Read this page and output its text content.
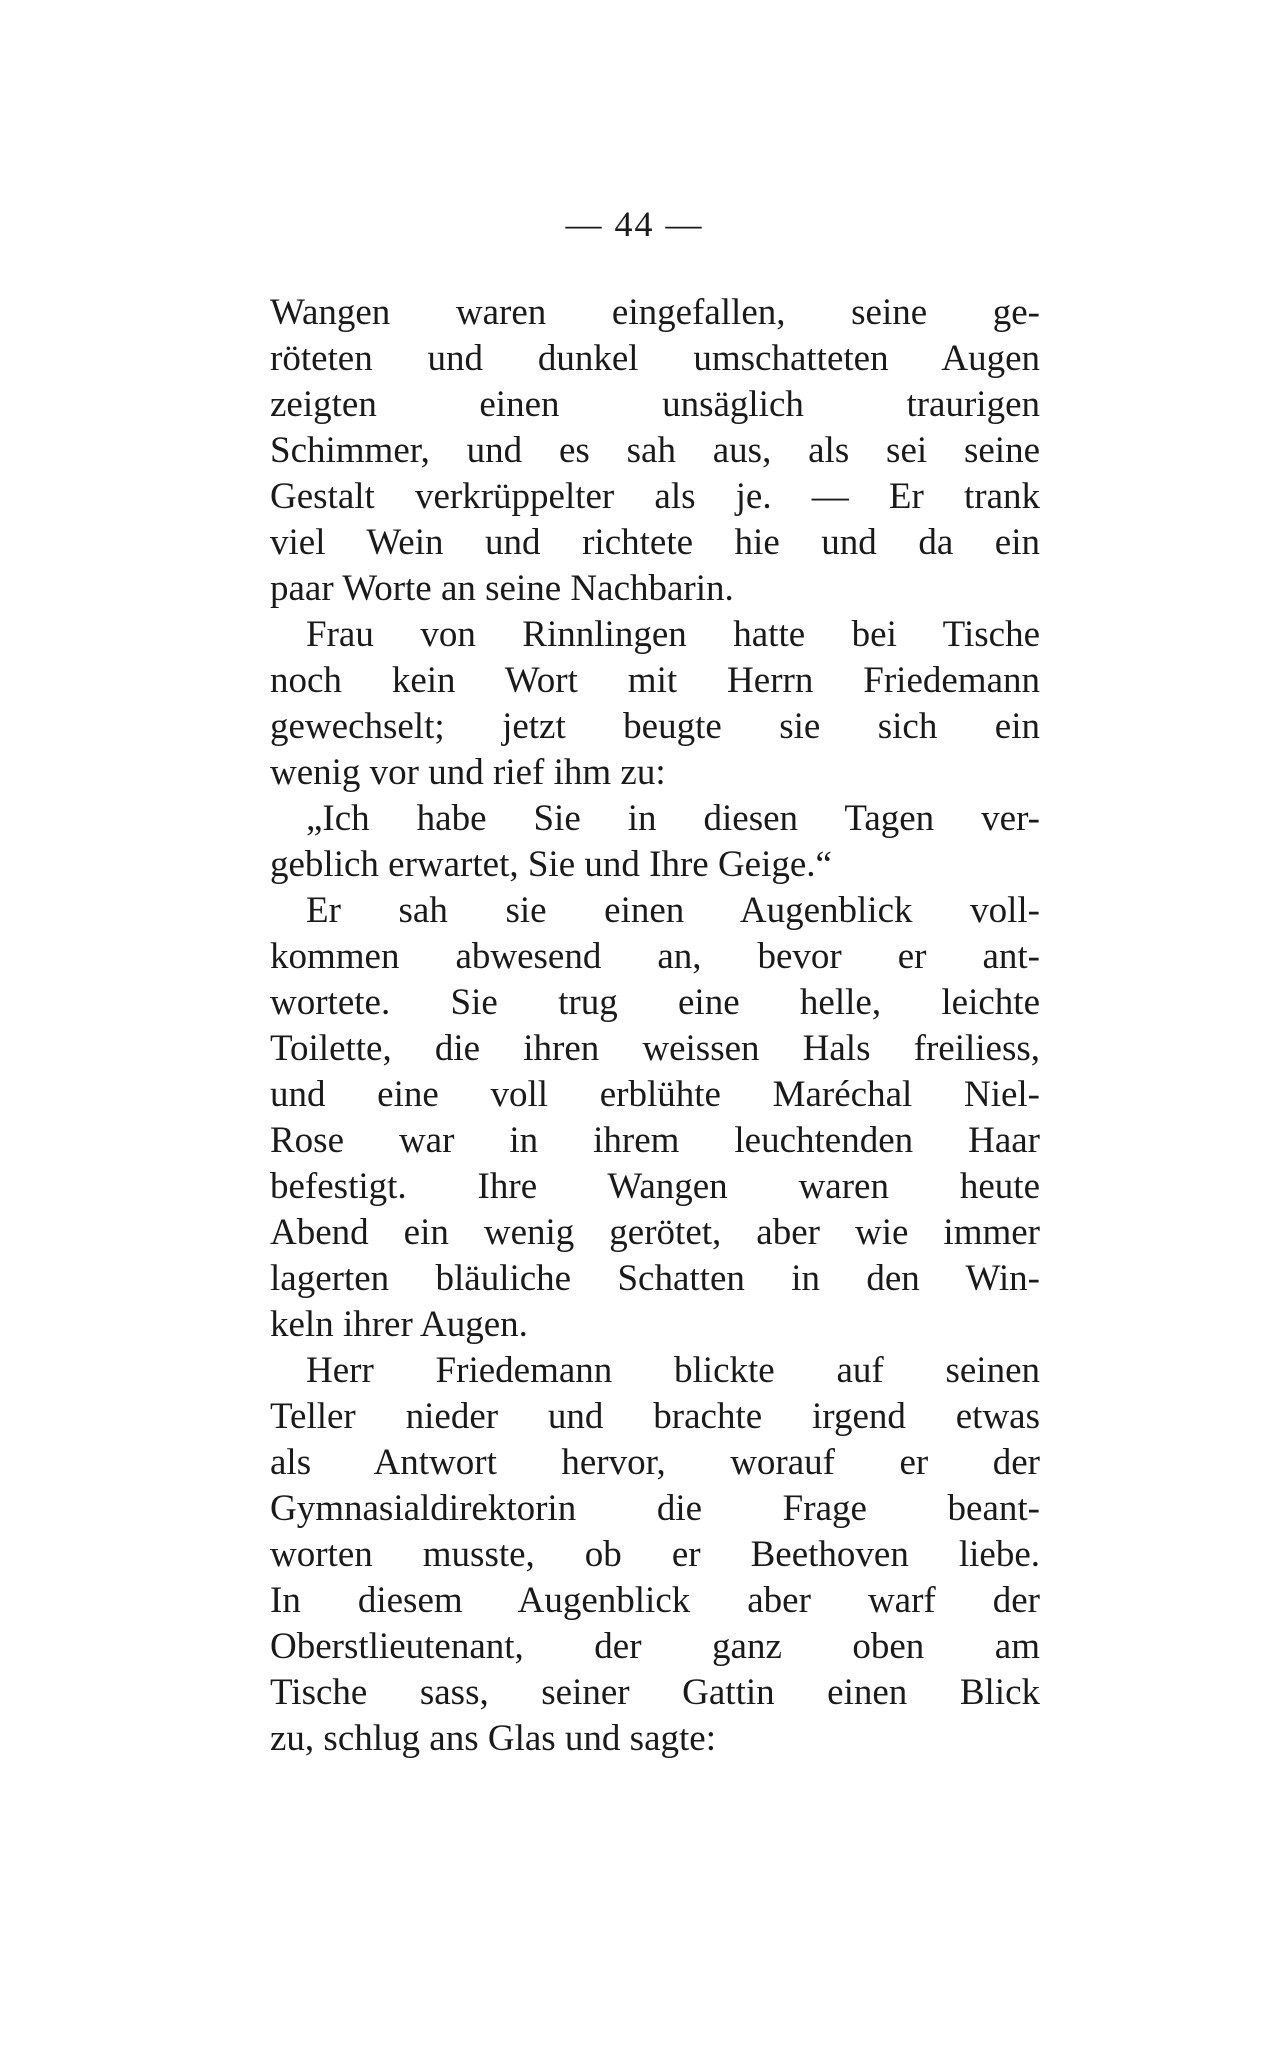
— 44 —
Wangen waren eingefallen, seine ge-
röteten und dunkel umschatteten Augen
zeigten einen unsäglich traurigen
Schimmer, und es sah aus, als sei seine
Gestalt verkrüppelter als je. — Er trank
viel Wein und richtete hie und da ein
paar Worte an seine Nachbarin.
Frau von Rinnlingen hatte bei Tische
noch kein Wort mit Herrn Friedemann
gewechselt; jetzt beugte sie sich ein
wenig vor und rief ihm zu:
„Ich habe Sie in diesen Tagen ver-
geblich erwartet, Sie und Ihre Geige.“
Er sah sie einen Augenblick voll-
kommen abwesend an, bevor er ant-
wortete. Sie trug eine helle, leichte
Toilette, die ihren weissen Hals freiliess,
und eine voll erblühte Maréchal Niel-
Rose war in ihrem leuchtenden Haar
befestigt. Ihre Wangen waren heute
Abend ein wenig gerötet, aber wie immer
lagerten bläuliche Schatten in den Win-
keln ihrer Augen.
Herr Friedemann blickte auf seinen
Teller nieder und brachte irgend etwas
als Antwort hervor, worauf er der
Gymnasialdirektorin die Frage beant-
worten musste, ob er Beethoven liebe.
In diesem Augenblick aber warf der
Oberstlieutenant, der ganz oben am
Tische sass, seiner Gattin einen Blick
zu, schlug ans Glas und sagte:
